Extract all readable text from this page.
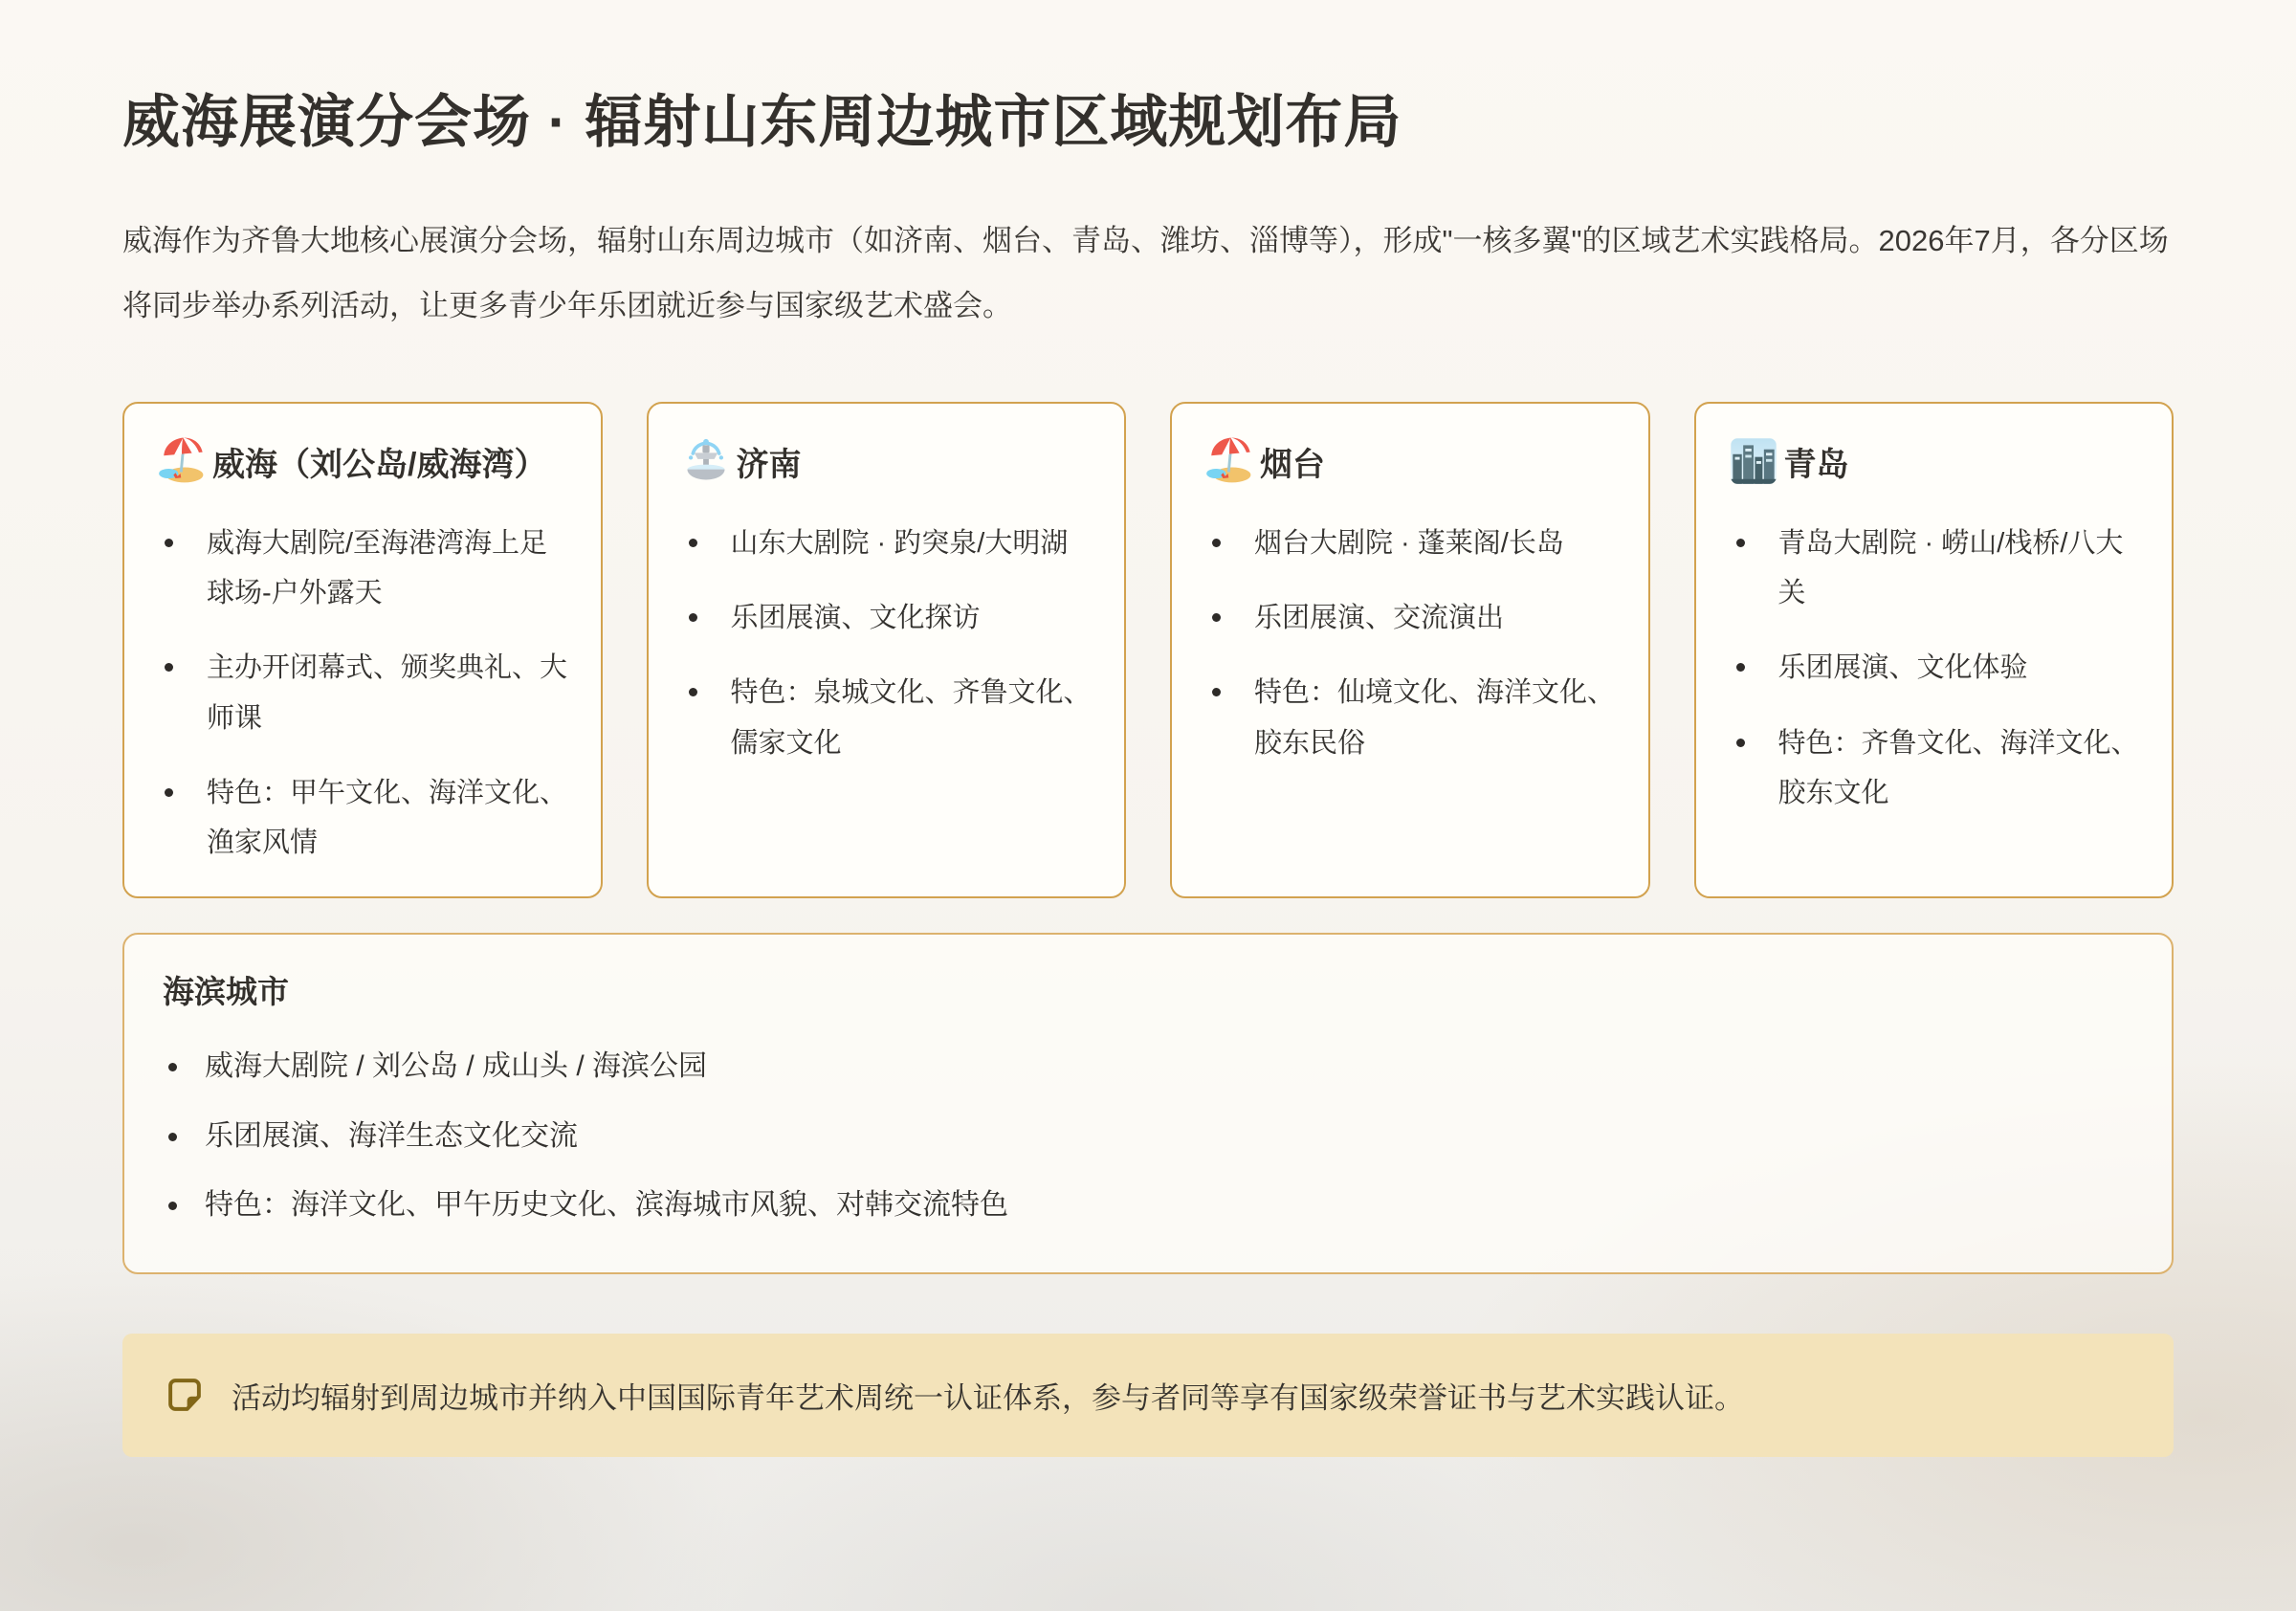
威海展演分会场 · 辐射山东周边城市区域规划布局

威海作为齐鲁大地核心展演分会场，辐射山东周边城市（如济南、烟台、青岛、潍坊、淄博等），形成"一核多翼"的区域艺术实践格局。2026年7月，各分区场将同步举办系列活动，让更多青少年乐团就近参与国家级艺术盛会。

威海（刘公岛/威海湾）
威海大剧院/至海港湾海上足球场-户外露天
主办开闭幕式、颁奖典礼、大师课
特色：甲午文化、海洋文化、渔家风情
济南
山东大剧院 · 趵突泉/大明湖
乐团展演、文化探访
特色：泉城文化、齐鲁文化、儒家文化
烟台
烟台大剧院 · 蓬莱阁/长岛
乐团展演、交流演出
特色：仙境文化、海洋文化、胶东民俗
青岛
青岛大剧院 · 崂山/栈桥/八大关
乐团展演、文化体验
特色：齐鲁文化、海洋文化、胶东文化
海滨城市
威海大剧院 / 刘公岛 / 成山头 / 海滨公园
乐团展演、海洋生态文化交流
特色：海洋文化、甲午历史文化、滨海城市风貌、对韩交流特色
活动均辐射到周边城市并纳入中国国际青年艺术周统一认证体系，参与者同等享有国家级荣誉证书与艺术实践认证。
